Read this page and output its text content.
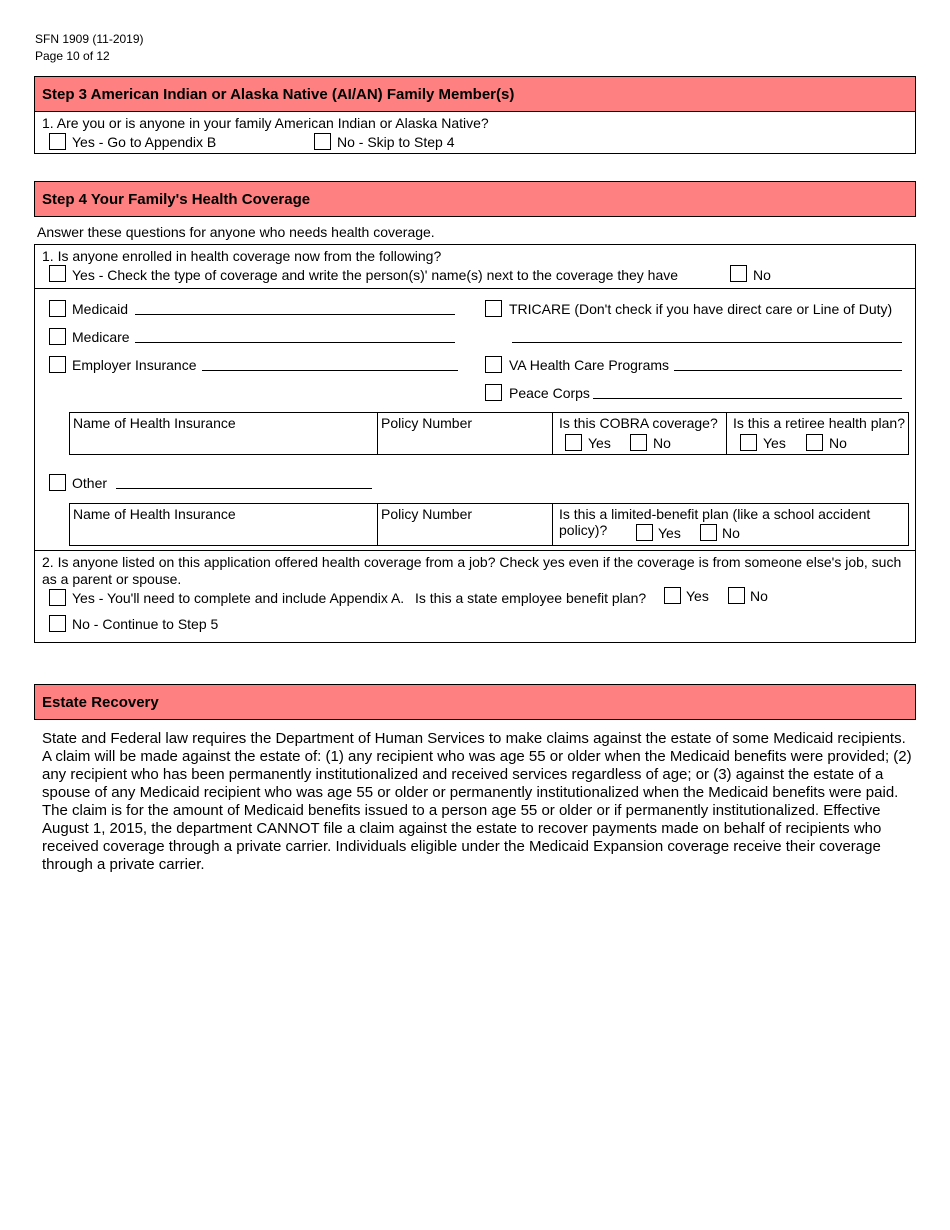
SFN 1909 (11-2019)
Page 10 of 12
Step 3 American Indian or Alaska Native (AI/AN) Family Member(s)
1. Are you or is anyone in your family American Indian or Alaska Native?
Yes - Go to Appendix B	No - Skip to Step 4
Step 4 Your Family's Health Coverage
Answer these questions for anyone who needs health coverage.
1. Is anyone enrolled in health coverage now from the following?
Yes - Check the type of coverage and write the person(s)' name(s) next to the coverage they have	No
Medicaid
Medicare
Employer Insurance
TRICARE (Don't check if you have direct care or Line of Duty)
VA Health Care Programs
Peace Corps
Name of Health Insurance	Policy Number	Is this COBRA coverage?	Is this a retiree health plan?
Yes	No	Yes	No
Other
Name of Health Insurance	Policy Number	Is this a limited-benefit plan (like a school accident policy)?	Yes	No
2. Is anyone listed on this application offered health coverage from a job? Check yes even if the coverage is from someone else's job, such as a parent or spouse.
Yes - You'll need to complete and include Appendix A. Is this a state employee benefit plan?	Yes	No
No - Continue to Step 5
Estate Recovery
State and Federal law requires the Department of Human Services to make claims against the estate of some Medicaid recipients. A claim will be made against the estate of: (1) any recipient who was age 55 or older when the Medicaid benefits were provided; (2) any recipient who has been permanently institutionalized and received services regardless of age; or (3) against the estate of a spouse of any Medicaid recipient who was age 55 or older or permanently institutionalized when the Medicaid benefits were paid. The claim is for the amount of Medicaid benefits issued to a person age 55 or older or if permanently institutionalized. Effective August 1, 2015, the department CANNOT file a claim against the estate to recover payments made on behalf of recipients who received coverage through a private carrier. Individuals eligible under the Medicaid Expansion coverage receive their coverage through a private carrier.
